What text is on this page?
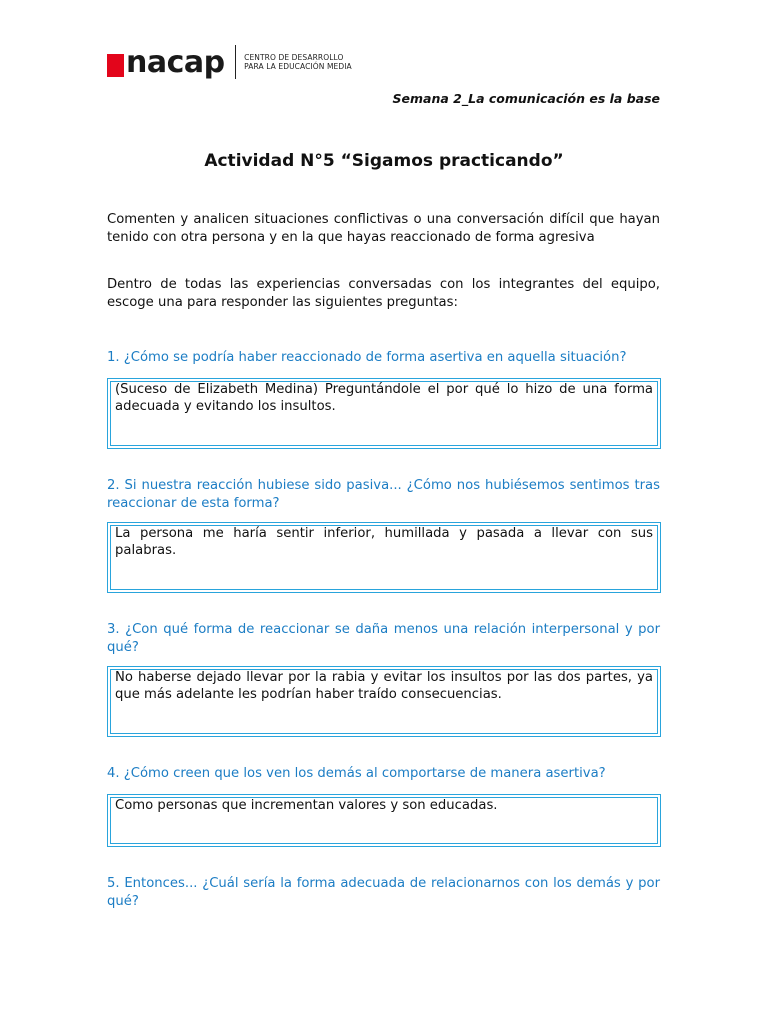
nacap	CENTRO DE DESARROLLO
PARA LA EDUCACIÓN MEDIA
Semana 2_La comunicación es la base
Actividad N°5 “Sigamos practicando”
Comenten y analicen situaciones conflictivas o una conversación difícil que hayan tenido con otra persona y en la que hayas reaccionado de forma agresiva
Dentro de todas las experiencias conversadas con los integrantes del equipo, escoge una para responder las siguientes preguntas:
1. ¿Cómo se podría haber reaccionado de forma asertiva en aquella situación?
(Suceso de Elizabeth Medina) Preguntándole el por qué lo hizo de una forma adecuada y evitando los insultos.
2. Si nuestra reacción hubiese sido pasiva... ¿Cómo nos hubiésemos sentimos tras reaccionar de esta forma?
La persona me haría sentir inferior, humillada y pasada a llevar con sus palabras.
3. ¿Con qué forma de reaccionar se daña menos una relación interpersonal y por qué?
No haberse dejado llevar por la rabia y evitar los insultos por las dos partes, ya que más adelante les podrían haber traído consecuencias.
4. ¿Cómo creen que los ven los demás al comportarse de manera asertiva?
Como personas que incrementan valores y son educadas.
5. Entonces... ¿Cuál sería la forma adecuada de relacionarnos con los demás y por qué?
